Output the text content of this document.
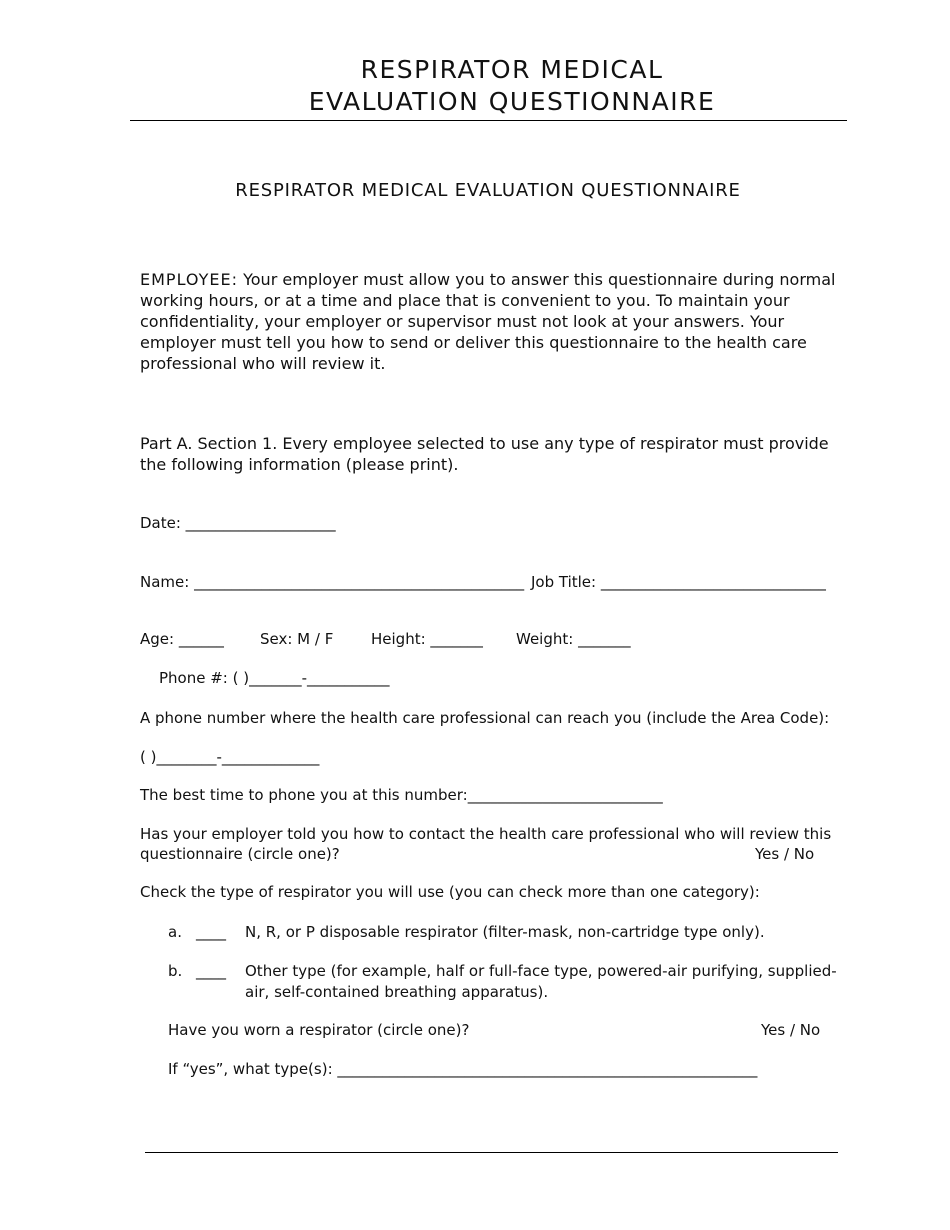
RESPIRATOR MEDICAL
EVALUATION QUESTIONNAIRE
RESPIRATOR MEDICAL EVALUATION QUESTIONNAIRE
EMPLOYEE: Your employer must allow you to answer this questionnaire during normal working hours, or at a time and place that is convenient to you. To maintain your confidentiality, your employer or supervisor must not look at your answers. Your employer must tell you how to send or deliver this questionnaire to the health care professional who will review it.
Part A. Section 1. Every employee selected to use any type of respirator must provide the following information (please print).
Date: ____________________
Name: ____________________________________________ Job Title: ______________________________
Age: ______ Sex: M / F	Height: _______ Weight: _______
Phone #: ( )_______-___________
A phone number where the health care professional can reach you (include the Area Code):
( )________-_____________
The best time to phone you at this number:__________________________
Has your employer told you how to contact the health care professional who will review this
questionnaire (circle one)?	Yes / No
Check the type of respirator you will use (you can check more than one category):
a. ____ N, R, or P disposable respirator (filter-mask, non-cartridge type only).
b. ____ Other type (for example, half or full-face type, powered-air purifying, supplied-
air, self-contained breathing apparatus).
Have you worn a respirator (circle one)?	Yes / No
If “yes”, what type(s): ________________________________________________________
